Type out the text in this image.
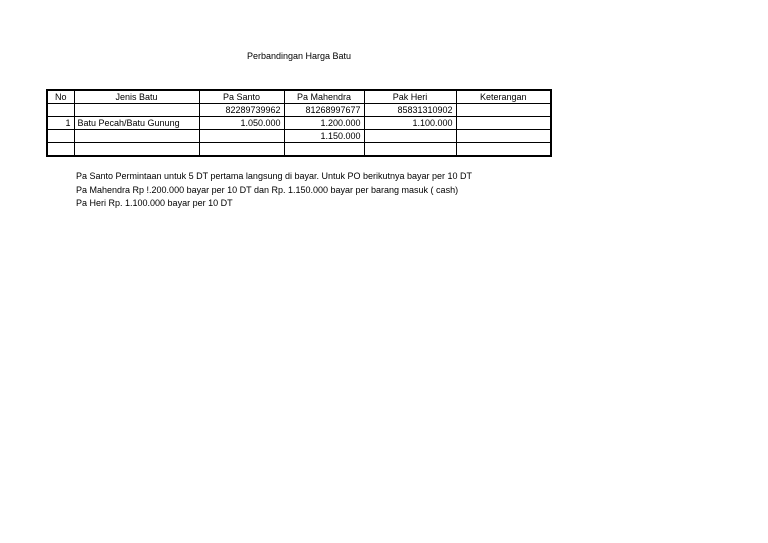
Perbandingan Harga Batu
No	Jenis Batu	Pa Santo	Pa Mahendra	Pak Heri	Keterangan
		82289739962	81268997677	85831310902	
1	Batu Pecah/Batu Gunung	1.050.000	1.200.000	1.100.000	
			1.150.000		

Pa Santo Permintaan untuk 5 DT pertama langsung di bayar. Untuk PO berikutnya bayar per 10 DT
Pa Mahendra Rp !.200.000 bayar per 10 DT dan Rp. 1.150.000 bayar per barang masuk ( cash)
Pa Heri Rp. 1.100.000 bayar per 10 DT
